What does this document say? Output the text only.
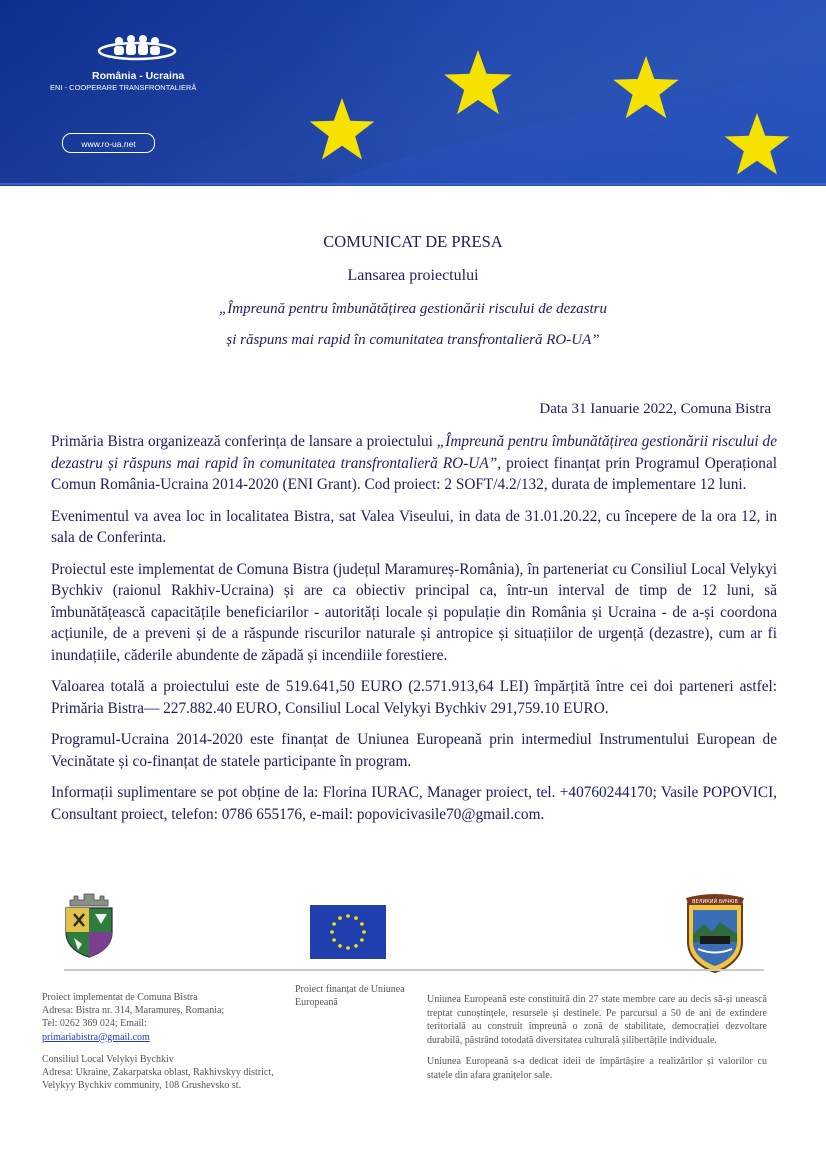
România - Ucraina
ENI - COOPERARE TRANSFRONTALIERĂ
www.ro-ua.net
COMUNICAT DE PRESA
Lansarea proiectului
„Împreună pentru îmbunătățirea gestionării riscului de dezastru
și răspuns mai rapid în comunitatea transfrontalieră RO-UA”
Data 31 Ianuarie 2022, Comuna Bistra

Primăria Bistra organizează conferința de lansare a proiectului „Împreună pentru îmbunătățirea gestionării riscului de dezastru și răspuns mai rapid în comunitatea transfrontalieră RO-UA”, proiect finanțat prin Programul Operațional Comun România-Ucraina 2014-2020 (ENI Grant). Cod proiect: 2 SOFT/4.2/132, durata de implementare 12 luni.

Evenimentul va avea loc in localitatea Bistra, sat Valea Viseului, in data de 31.01.20.22, cu începere de la ora 12, in sala de Conferinta.

Proiectul este implementat de Comuna Bistra (județul Maramureș-România), în parteneriat cu Consiliul Local Velykyi Bychkiv (raionul Rakhiv-Ucraina) și are ca obiectiv principal ca, într-un interval de timp de 12 luni, să îmbunătățească capacitățile beneficiarilor - autorități locale și populație din România și Ucraina - de a-și coordona acțiunile, de a preveni și de a răspunde riscurilor naturale și antropice și situațiilor de urgență (dezastre), cum ar fi inundațiile, căderile abundente de zăpadă și incendiile forestiere.

Valoarea totală a proiectului este de 519.641,50 EURO (2.571.913,64 LEI) împărțită între cei doi parteneri astfel: Primăria Bistra— 227.882.40 EURO, Consiliul Local Velykyi Bychkiv 291,759.10 EURO.

Programul-Ucraina 2014-2020 este finanțat de Uniunea Europeană prin intermediul Instrumentului European de Vecinătate și co-finanțat de statele participante în program.

Informații suplimentare se pot obține de la: Florina IURAC, Manager proiect, tel. +40760244170; Vasile POPOVICI, Consultant proiect, telefon: 0786 655176, e-mail: popovicivasile70@gmail.com.

ВЕЛИКИЙ БИЧКІВ

Proiect implementat de Comuna Bistra
Adresa: Bistra nr. 314, Maramureș, Romania;
Tel: 0262 369 024; Email:
primariabistra@gmail.com

Consiliul Local Velykyi Bychkiv
Adresa: Ukraine, Zakarpatska oblast, Rakhivskyy district, Velykyy Bychkiv community, 108 Grushevsko st.

Proiect finanțat de Uniunea Europeană	Uniunea Europeană este constituită din 27 state membre care au decis să-și unească treptat cunoștințele, resursele și destinele. Pe parcursul a 50 de ani de extindere teritorială au construit împreună o zonă de stabilitate, democrației dezvoltare durabilă, păstrând totodată diversitatea culturală șilibertățile individuale.

Uniunea Europeană s-a dedicat ideii de împărtășire a realizărilor și valorilor cu statele din afara granițelor sale.
